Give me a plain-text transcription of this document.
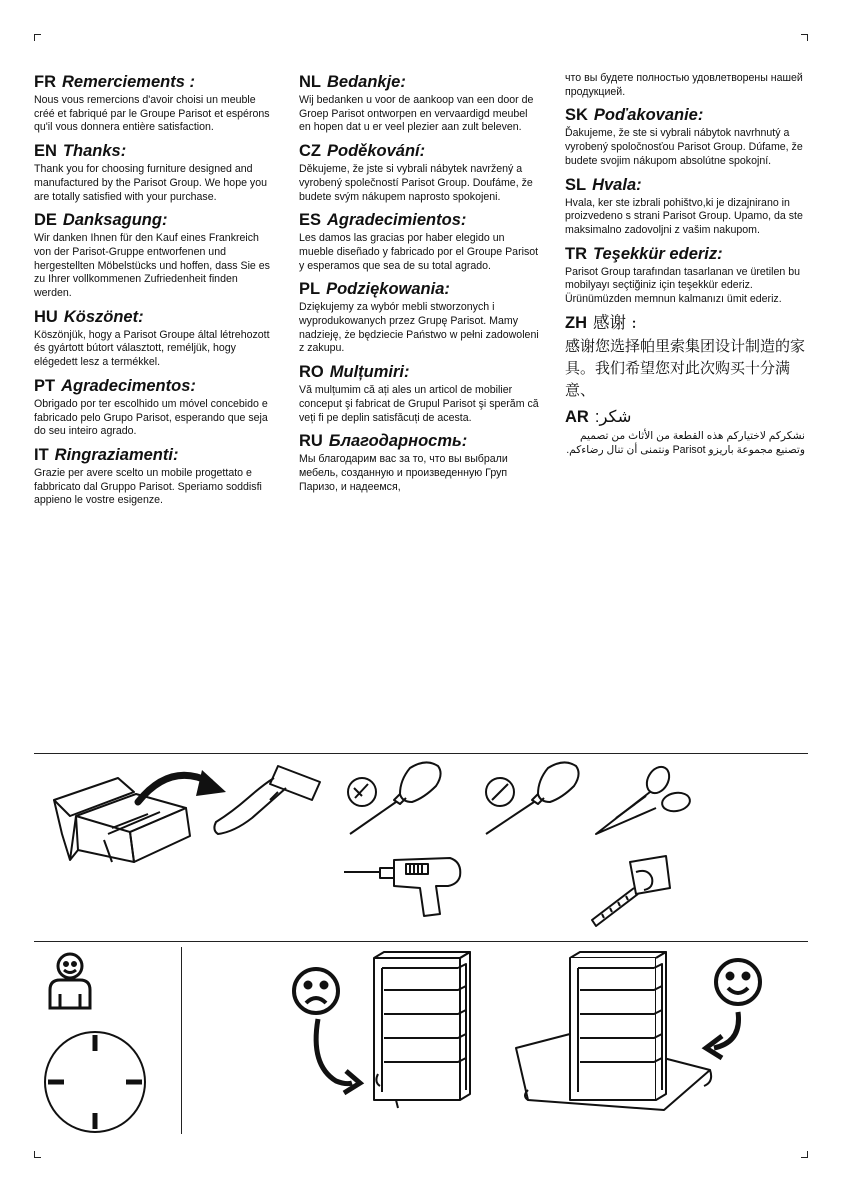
FR Remerciements :

Nous vous remercions d'avoir choisi un meuble créé et fabriqué par le Groupe Parisot et espérons qu'il vous donnera entière satisfaction.

EN Thanks:

Thank you for choosing furniture designed and manufactured by the Parisot Group. We hope you are totally satisfied with your purchase.

DE Danksagung:

Wir danken Ihnen für den Kauf eines Frankreich von der Parisot-Gruppe entworfenen und hergestellten Möbelstücks und hoffen, dass Sie es zu Ihrer vollkommenen Zufriedenheit finden werden.

HU Köszönet:

Köszönjük, hogy a Parisot Groupe által létrehozott és gyártott bútort választott, reméljük, hogy elégedett lesz a termékkel.

PT Agradecimentos:

Obrigado por ter escolhido um móvel concebido e fabricado pelo Grupo Parisot, esperando que seja do seu inteiro agrado.

IT Ringraziamenti:

Grazie per avere scelto un mobile progettato e fabbricato dal Gruppo Parisot. Speriamo soddisfi appieno le vostre esigenze.

NL Bedankje:

Wij bedanken u voor de aankoop van een door de Groep Parisot ontworpen en vervaardigd meubel en hopen dat u er veel plezier aan zult beleven.

CZ Poděkování:

Děkujeme, že jste si vybrali nábytek navržený a vyrobený společností Parisot Group. Doufáme, že budete svým nákupem naprosto spokojeni.

ES Agradecimientos:

Les damos las gracias por haber elegido un mueble diseñado y fabricado por el Groupe Parisot y esperamos que sea de su total agrado.

PL Podziękowania:

Dziękujemy za wybór mebli stworzonych i wyprodukowanych przez Grupę Parisot. Mamy nadzieję, że będziecie Państwo w pełni zadowoleni z zakupu.

RO Mulțumiri:

Vă mulțumim că ați ales un articol de mobilier conceput şi fabricat de Grupul Parisot şi sperăm că veți fi pe deplin satisfăcuți de acesta.

RU Благодарность:

Мы благодарим вас за то, что вы выбрали мебель, созданную и произведенную Груп Паризо, и надеемся,

что вы будете полностью удовлетворены нашей продукцией.

SK Poďakovanie:

Ďakujeme, že ste si vybrali nábytok navrhnutý a vyrobený spoločnosťou Parisot Group. Dúfame, že budete svojim nákupom absolútne spokojní.

SL Hvala:

Hvala, ker ste izbrali pohištvo,ki je dizajnirano in proizvedeno s strani Parisot Group. Upamo, da ste maksimalno zadovoljni z vašim nakupom.

TR Teşekkür ederiz:

Parisot Group tarafından tasarlanan ve üretilen bu mobilyayı seçtiğiniz için teşekkür ederiz. Ürünümüzden memnun kalmanızı ümit ederiz.

ZH 感谢 :

感谢您选择帕里索集团设计制造的家具。我们希望您对此次购买十分满意、

AR :شكر

نشكركم لاختياركم هذه القطعة من الأثاث من تصميم وتصنيع مجموعة باريزو Parisot ونتمنى أن تنال رضاءكم.
